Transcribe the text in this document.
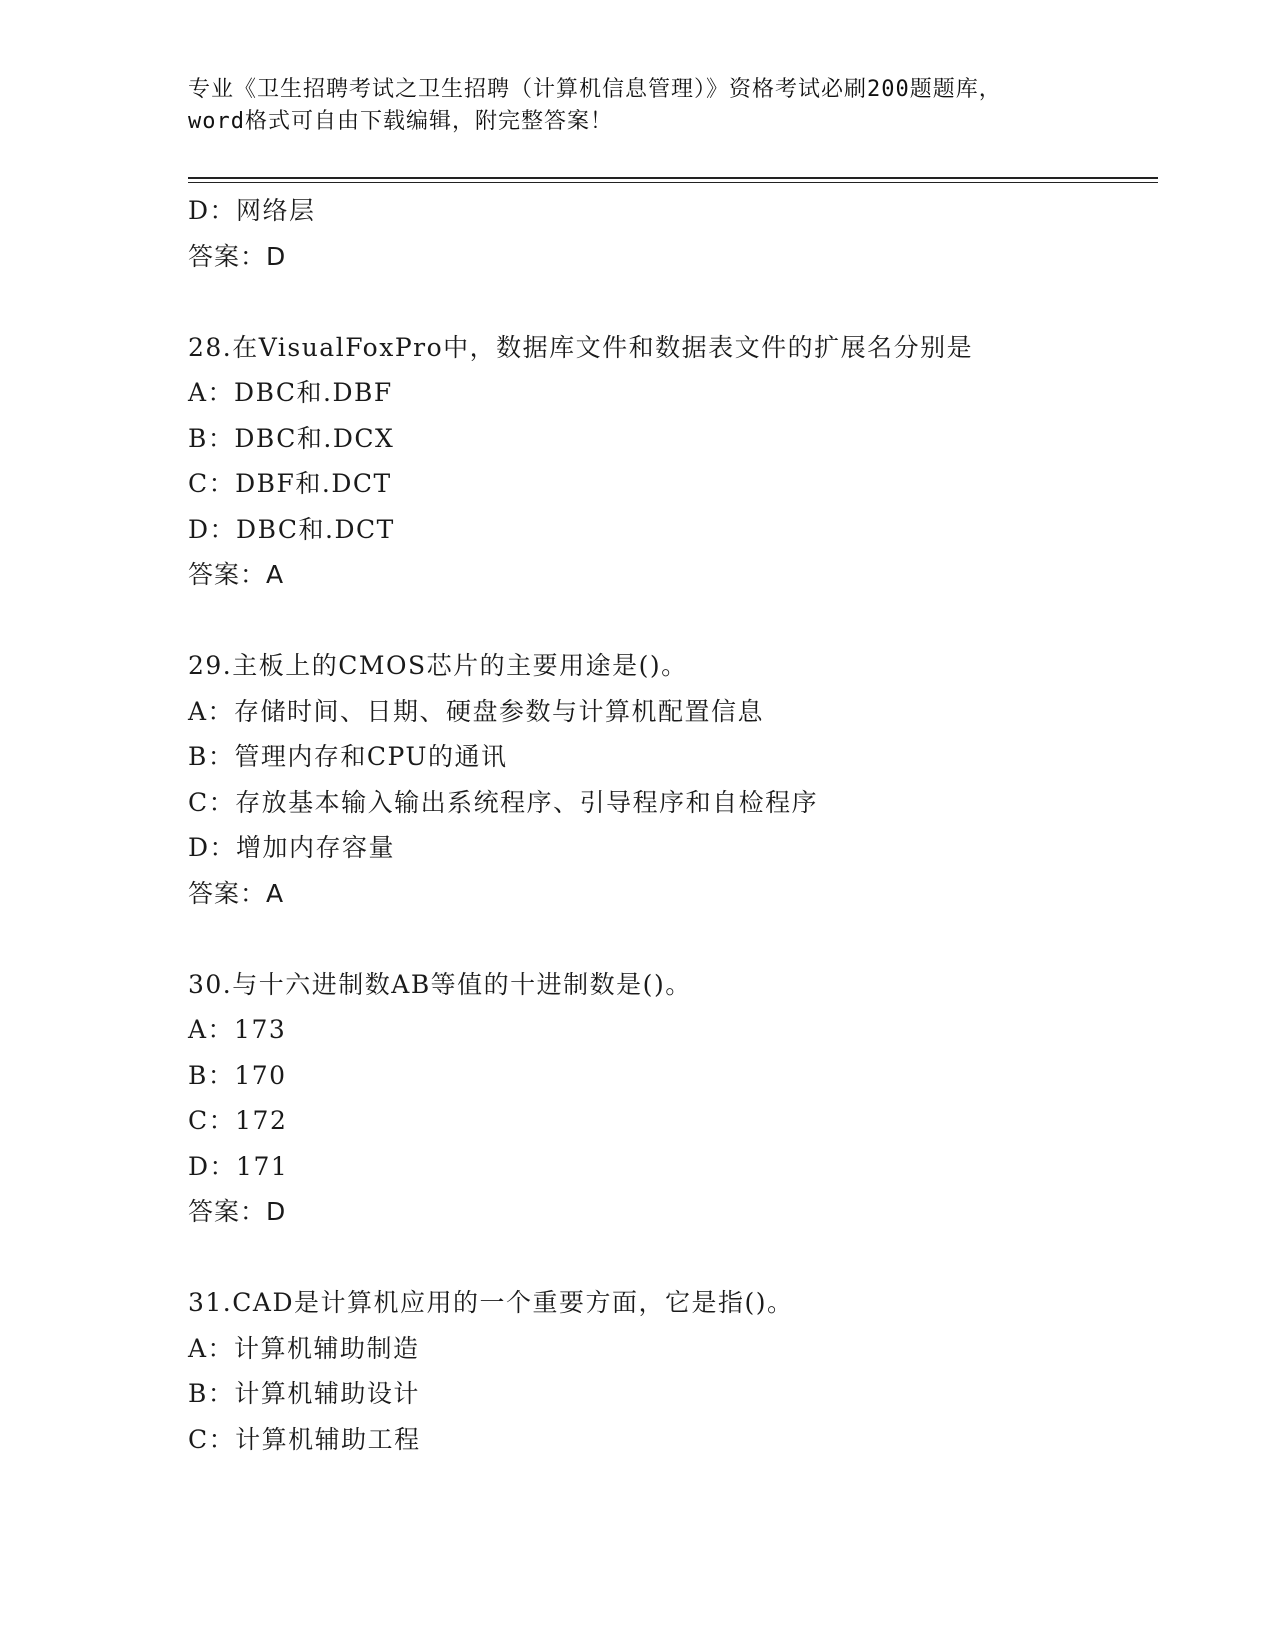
专业《卫生招聘考试之卫生招聘（计算机信息管理）》资格考试必刷200题题库，
word格式可自由下载编辑，附完整答案！
D：网络层
答案：D
28.在VisualFoxPro中，数据库文件和数据表文件的扩展名分别是
A：DBC和.DBF
B：DBC和.DCX
C：DBF和.DCT
D：DBC和.DCT
答案：A
29.主板上的CMOS芯片的主要用途是()。
A：存储时间、日期、硬盘参数与计算机配置信息
B：管理内存和CPU的通讯
C：存放基本输入输出系统程序、引导程序和自检程序
D：增加内存容量
答案：A
30.与十六进制数AB等值的十进制数是()。
A：173
B：170
C：172
D：171
答案：D
31.CAD是计算机应用的一个重要方面，它是指()。
A：计算机辅助制造
B：计算机辅助设计
C：计算机辅助工程
